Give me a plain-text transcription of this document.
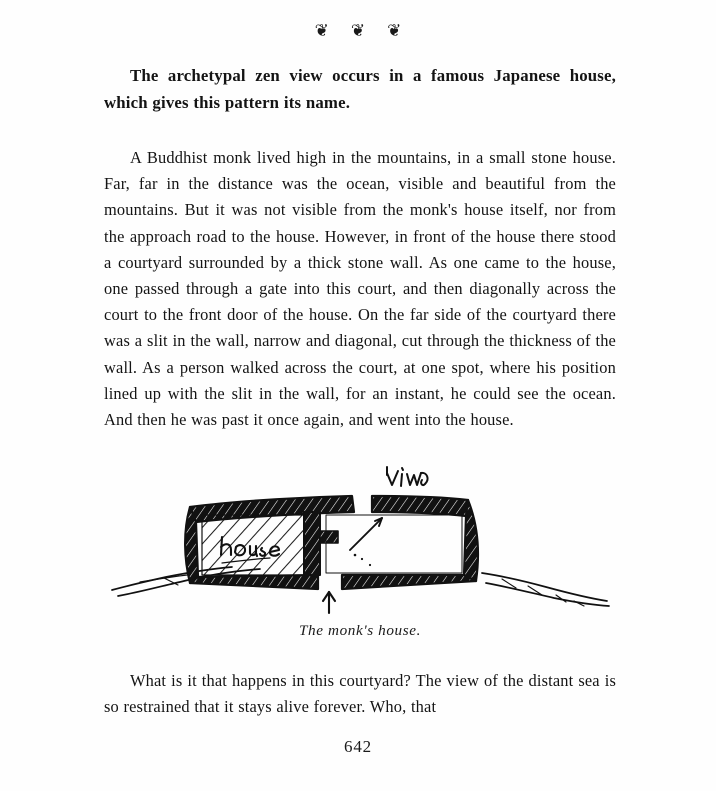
❦ ❦ ❦

The archetypal zen view occurs in a famous Japanese house, which gives this pattern its name.

A Buddhist monk lived high in the mountains, in a small stone house. Far, far in the distance was the ocean, visible and beautiful from the mountains. But it was not visible from the monk's house itself, nor from the approach road to the house. However, in front of the house there stood a courtyard surrounded by a thick stone wall. As one came to the house, one passed through a gate into this court, and then diagonally across the court to the front door of the house. On the far side of the courtyard there was a slit in the wall, narrow and diagonal, cut through the thickness of the wall. As a person walked across the court, at one spot, where his position lined up with the slit in the wall, for an instant, he could see the ocean. And then he was past it once again, and went into the house.

The monk's house.

What is it that happens in this courtyard? The view of the distant sea is so restrained that it stays alive forever. Who, that

642
